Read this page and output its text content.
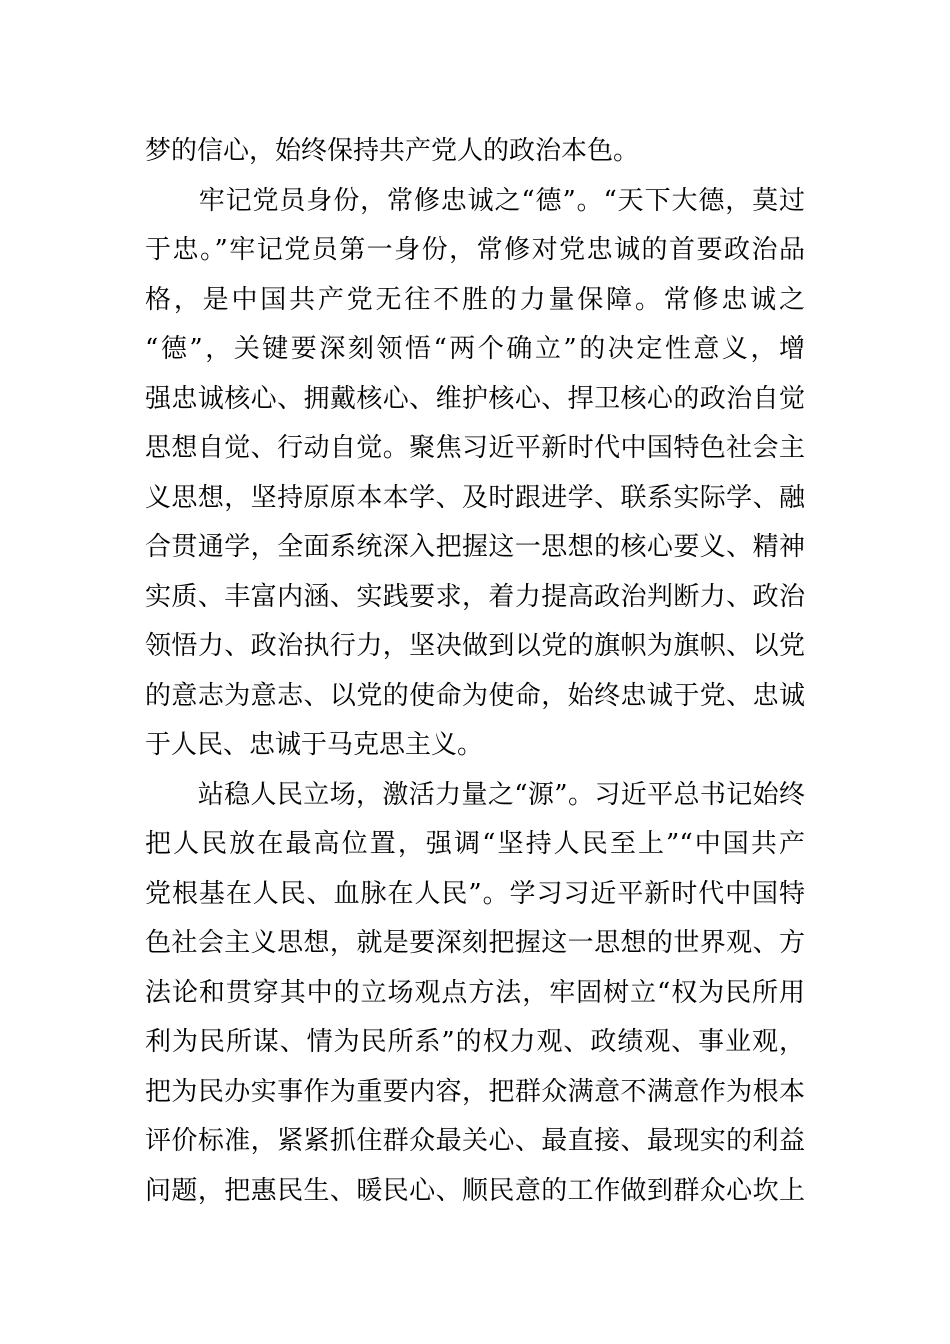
梦的信心，始终保持共产党人的政治本色。
　　牢记党员身份，常修忠诚之“德”。“天下大德，莫过
于忠。”牢记党员第一身份，常修对党忠诚的首要政治品
格，是中国共产党无往不胜的力量保障。常修忠诚之
“德”，关键要深刻领悟“两个确立”的决定性意义，增
强忠诚核心、拥戴核心、维护核心、捍卫核心的政治自觉
思想自觉、行动自觉。聚焦习近平新时代中国特色社会主
义思想，坚持原原本本学、及时跟进学、联系实际学、融
合贯通学，全面系统深入把握这一思想的核心要义、精神
实质、丰富内涵、实践要求，着力提高政治判断力、政治
领悟力、政治执行力，坚决做到以党的旗帜为旗帜、以党
的意志为意志、以党的使命为使命，始终忠诚于党、忠诚
于人民、忠诚于马克思主义。
　　站稳人民立场，激活力量之“源”。习近平总书记始终
把人民放在最高位置，强调“坚持人民至上”“中国共产
党根基在人民、血脉在人民”。学习习近平新时代中国特
色社会主义思想，就是要深刻把握这一思想的世界观、方
法论和贯穿其中的立场观点方法，牢固树立“权为民所用
利为民所谋、情为民所系”的权力观、政绩观、事业观，
把为民办实事作为重要内容，把群众满意不满意作为根本
评价标准，紧紧抓住群众最关心、最直接、最现实的利益
问题，把惠民生、暖民心、顺民意的工作做到群众心坎上
